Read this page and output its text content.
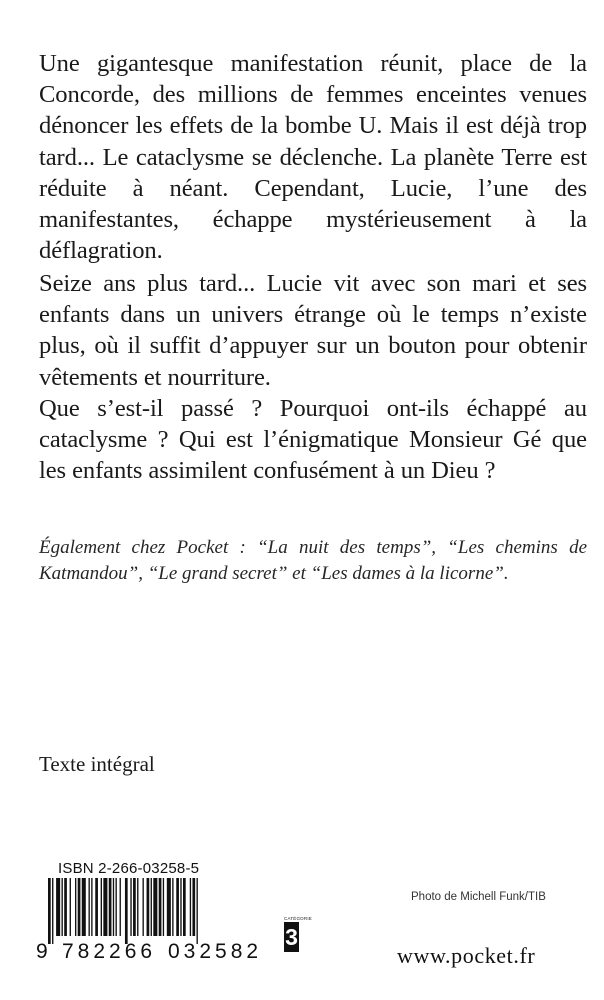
Une gigantesque manifestation réunit, place de la Concorde, des millions de femmes enceintes venues dénoncer les effets de la bombe U. Mais il est déjà trop tard... Le cataclysme se déclenche. La planète Terre est réduite à néant. Cependant, Lucie, l’une des manifestantes, échappe mystérieusement à la déflagration.

Seize ans plus tard... Lucie vit avec son mari et ses enfants dans un univers étrange où le temps n’existe plus, où il suffit d’appuyer sur un bouton pour obtenir vêtements et nourriture.

Que s’est-il passé ? Pourquoi ont-ils échappé au cataclysme ? Qui est l’énigmatique Monsieur Gé que les enfants assimilent confusément à un Dieu ?

Également chez Pocket : “La nuit des temps”, “Les chemins de Katmandou”, “Le grand secret” et “Les dames à la licorne”.

Texte intégral

ISBN 2-266-03258-5
9 782266 032582
Photo de Michell Funk/TIB
CATÉGORIE
3
www.pocket.fr
